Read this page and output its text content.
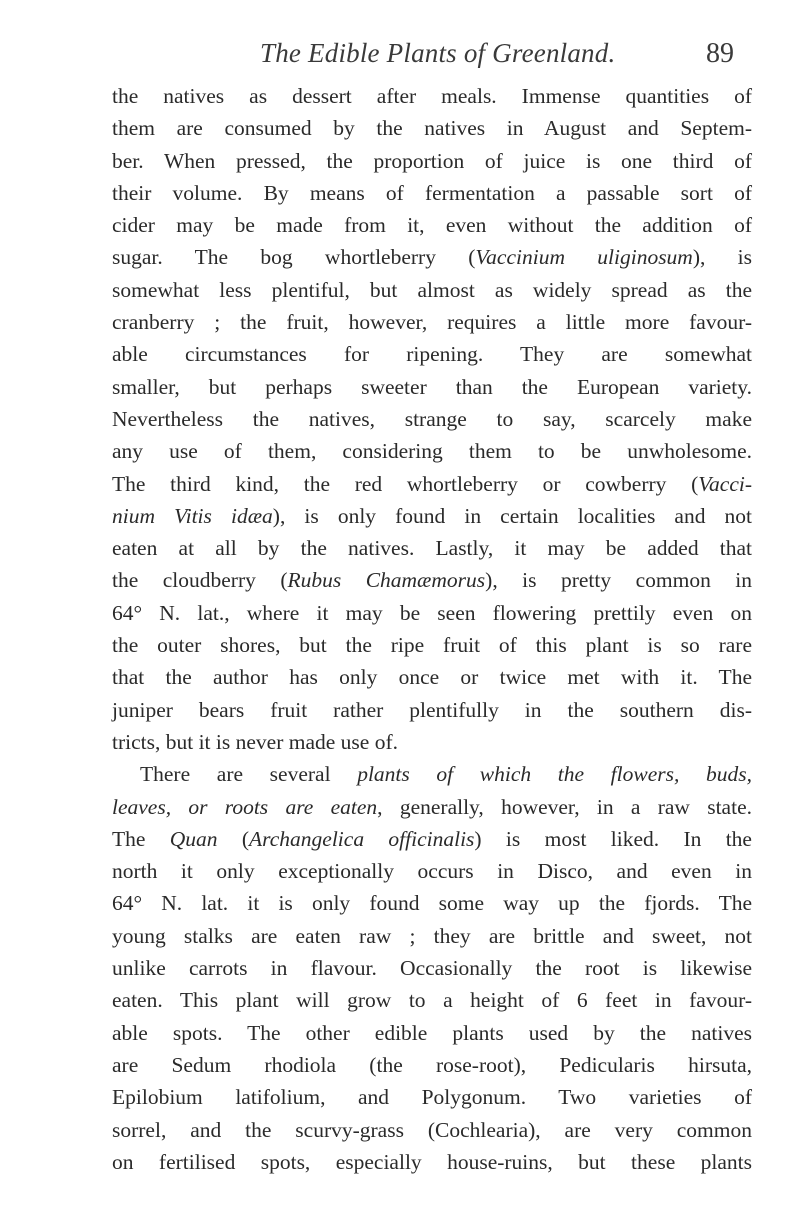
The Edible Plants of Greenland.	89
the natives as dessert after meals. Immense quantities of
them are consumed by the natives in August and Septem-
ber. When pressed, the proportion of juice is one third of
their volume. By means of fermentation a passable sort of
cider may be made from it, even without the addition of
sugar. The bog whortleberry (Vaccinium uliginosum), is
somewhat less plentiful, but almost as widely spread as the
cranberry ; the fruit, however, requires a little more favour-
able circumstances for ripening. They are somewhat
smaller, but perhaps sweeter than the European variety.
Nevertheless the natives, strange to say, scarcely make
any use of them, considering them to be unwholesome.
The third kind, the red whortleberry or cowberry (Vacci-
nium Vitis idæa), is only found in certain localities and not
eaten at all by the natives. Lastly, it may be added that
the cloudberry (Rubus Chamæmorus), is pretty common in
64° N. lat., where it may be seen flowering prettily even on
the outer shores, but the ripe fruit of this plant is so rare
that the author has only once or twice met with it. The
juniper bears fruit rather plentifully in the southern dis-
tricts, but it is never made use of.
There are several plants of which the flowers, buds,
leaves, or roots are eaten, generally, however, in a raw state.
The Quan (Archangelica officinalis) is most liked. In the
north it only exceptionally occurs in Disco, and even in
64° N. lat. it is only found some way up the fjords. The
young stalks are eaten raw ; they are brittle and sweet, not
unlike carrots in flavour. Occasionally the root is likewise
eaten. This plant will grow to a height of 6 feet in favour-
able spots. The other edible plants used by the natives
are Sedum rhodiola (the rose-root), Pedicularis hirsuta,
Epilobium latifolium, and Polygonum. Two varieties of
sorrel, and the scurvy-grass (Cochlearia), are very common
on fertilised spots, especially house-ruins, but these plants
